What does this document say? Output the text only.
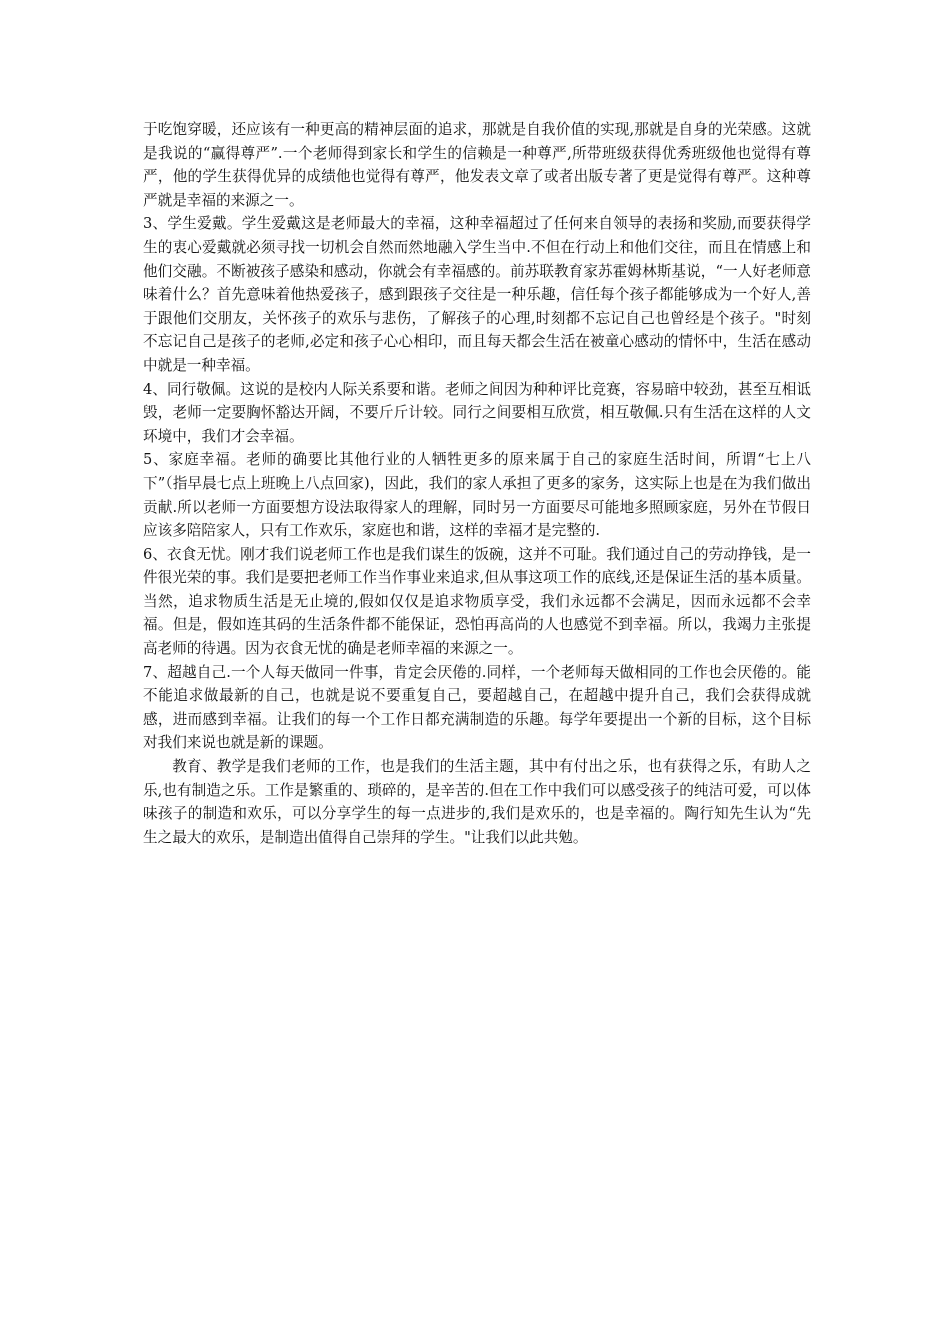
于吃饱穿暖，还应该有一种更高的精神层面的追求，那就是自我价值的实现,那就是自身的光荣感。这就是我说的“赢得尊严”.一个老师得到家长和学生的信赖是一种尊严,所带班级获得优秀班级他也觉得有尊严，他的学生获得优异的成绩他也觉得有尊严，他发表文章了或者出版专著了更是觉得有尊严。这种尊严就是幸福的来源之一。

3、学生爱戴。学生爱戴这是老师最大的幸福，这种幸福超过了任何来自领导的表扬和奖励,而要获得学生的衷心爱戴就必须寻找一切机会自然而然地融入学生当中.不但在行动上和他们交往，而且在情感上和他们交融。不断被孩子感染和感动，你就会有幸福感的。前苏联教育家苏霍姆林斯基说，“一人好老师意味着什么？首先意味着他热爱孩子，感到跟孩子交往是一种乐趣，信任每个孩子都能够成为一个好人,善于跟他们交朋友，关怀孩子的欢乐与悲伤，了解孩子的心理,时刻都不忘记自己也曾经是个孩子。"时刻不忘记自己是孩子的老师,必定和孩子心心相印，而且每天都会生活在被童心感动的情怀中，生活在感动中就是一种幸福。

4、同行敬佩。这说的是校内人际关系要和谐。老师之间因为种种评比竞赛，容易暗中较劲，甚至互相诋毁，老师一定要胸怀豁达开阔，不要斤斤计较。同行之间要相互欣赏，相互敬佩.只有生活在这样的人文环境中，我们才会幸福。

5、家庭幸福。老师的确要比其他行业的人牺牲更多的原来属于自己的家庭生活时间，所谓“七上八下”（指早晨七点上班晚上八点回家)，因此，我们的家人承担了更多的家务，这实际上也是在为我们做出贡献.所以老师一方面要想方设法取得家人的理解，同时另一方面要尽可能地多照顾家庭，另外在节假日应该多陪陪家人，只有工作欢乐，家庭也和谐，这样的幸福才是完整的.

6、衣食无忧。刚才我们说老师工作也是我们谋生的饭碗，这并不可耻。我们通过自己的劳动挣钱，是一件很光荣的事。我们是要把老师工作当作事业来追求,但从事这项工作的底线,还是保证生活的基本质量。当然，追求物质生活是无止境的,假如仅仅是追求物质享受，我们永远都不会满足，因而永远都不会幸福。但是，假如连其码的生活条件都不能保证，恐怕再高尚的人也感觉不到幸福。所以，我竭力主张提高老师的待遇。因为衣食无忧的确是老师幸福的来源之一。

7、超越自己.一个人每天做同一件事，肯定会厌倦的.同样，一个老师每天做相同的工作也会厌倦的。能不能追求做最新的自己，也就是说不要重复自己，要超越自己，在超越中提升自己，我们会获得成就感，进而感到幸福。让我们的每一个工作日都充满制造的乐趣。每学年要提出一个新的目标，这个目标对我们来说也就是新的课题。

教育、教学是我们老师的工作，也是我们的生活主题，其中有付出之乐，也有获得之乐，有助人之乐,也有制造之乐。工作是繁重的、琐碎的，是辛苦的.但在工作中我们可以感受孩子的纯洁可爱，可以体味孩子的制造和欢乐，可以分享学生的每一点进步的,我们是欢乐的，也是幸福的。陶行知先生认为“先生之最大的欢乐，是制造出值得自己崇拜的学生。"让我们以此共勉。
